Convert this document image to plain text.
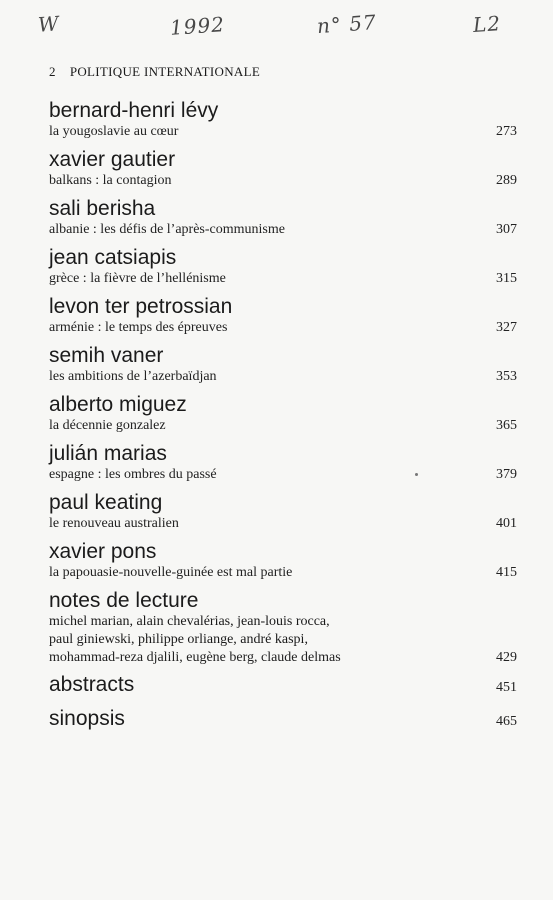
W	1992	n° 57	L2
2 POLITIQUE INTERNATIONALE
bernard-henri lévy
la yougoslavie au cœur	273
xavier gautier
balkans : la contagion	289
sali berisha
albanie : les défis de l’après-communisme	307
jean catsiapis
grèce : la fièvre de l’hellénisme	315
levon ter petrossian
arménie : le temps des épreuves	327
semih vaner
les ambitions de l’azerbaïdjan	353
alberto miguez
la décennie gonzalez	365
julián marias
espagne : les ombres du passé	379
paul keating
le renouveau australien	401
xavier pons
la papouasie-nouvelle-guinée est mal partie	415
notes de lecture
michel marian, alain chevalérias, jean-louis rocca,
paul giniewski, philippe orliange, andré kaspi,
mohammad-reza djalili, eugène berg, claude delmas	429
abstracts	451
sinopsis	465
